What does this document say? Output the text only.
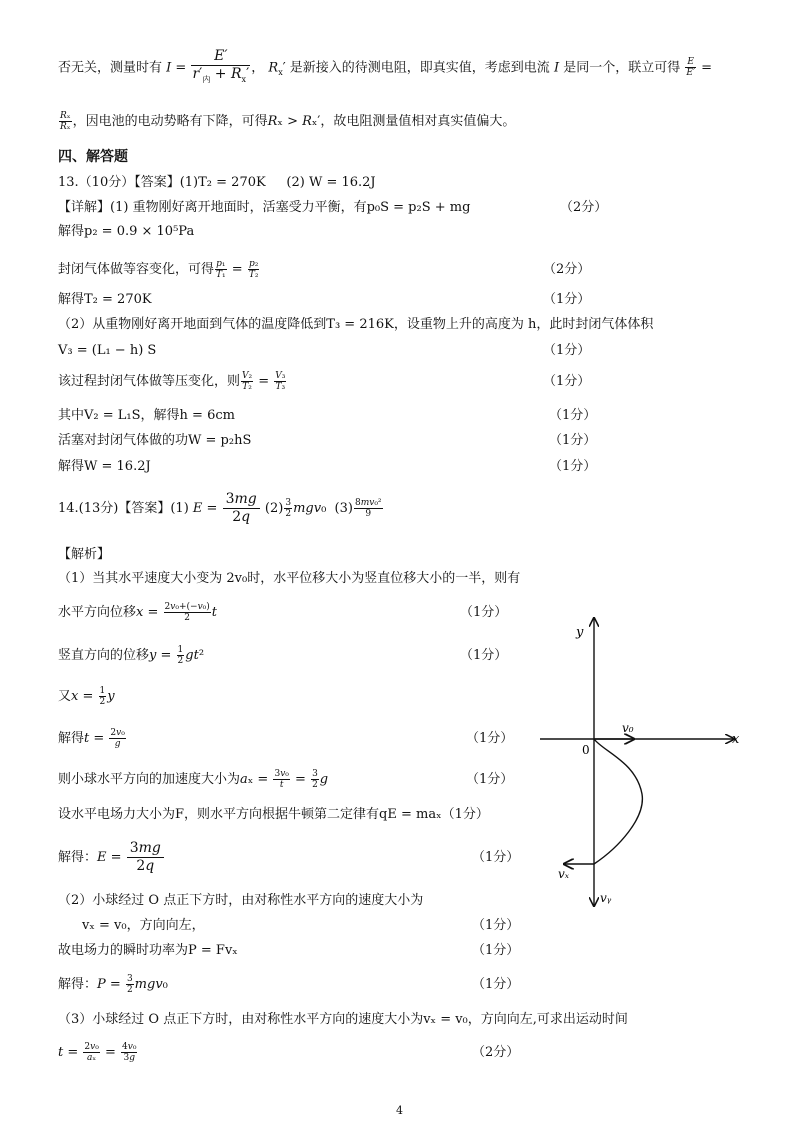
否无关，测量时有 $I = \frac{E'}{r'_内 + R_x'}$ ， $R_x'$ 是新接入的待测电阻，即真实值，考虑到电流 I 是同一个，联立可得 $\frac{E}{E'}$ =
$\frac{\text{Rₓ}}{\text{Rₓ}}$ ，因电池的电动势略有下降，可得Rₓ > Rₓ′，故电阻测量值相对真实值偏大。
四、解答题
13.（10分）【答案】(1)T₂ = 270K (2) W = 16.2J
【详解】(1) 重物刚好离开地面时，活塞受力平衡，有p₀S = p₂S + mg	（2分）
解得p₂ = 0.9 × 10⁵Pa
封闭气体做等容变化，可得 $\frac{\text{p₁}}{\text{T₁}} = \frac{\text{p₂}}{\text{T₂}}$	（2分）
解得T₂ = 270K	（1分）
（2）从重物刚好离开地面到气体的温度降低到T₃ = 216K，设重物上升的高度为 h，此时封闭气体体积
V₃ = (L₁ − h) S	（1分）
该过程封闭气体做等压变化，则 $\frac{\text{V₂}}{\text{T₂}} = \frac{\text{V₃}}{\text{T₃}}$	（1分）
其中V₂ = L₁S，解得h = 6cm	（1分）
活塞对封闭气体做的功W = p₂hS	（1分）
解得W = 16.2J	（1分）
14.(13分)【答案】(1) $E = \frac{3mg}{2q} (2) \frac{3}{2} mgv_0$  $(3) \frac{\text{8mv₀²}}{9}$
【解析】
（1）当其水平速度大小变为 2v₀时，水平位移大小为竖直位移大小的一半，则有
水平方向位移$x = \frac{\text{2v₀+(−v₀)}}{2}$ t	（1分）
竖直方向的位移$y = \frac{1}{2} gt^2$	（1分）
又$x = \frac{1}{2}$ y
解得$t = \frac{\text{2v₀}}{g}$	（1分）
则小球水平方向的加速度大小为$a_x = \frac{\text{3v₀}}{t} = \frac{3}{2}$ g	（1分）
设水平电场力大小为F，则水平方向根据牛顿第二定律有qE = maₓ（1分）
解得：$E = \frac{3mg}{2q}$	（1分）
（2）小球经过 O 点正下方时，由对称性水平方向的速度大小为
vₓ = v₀，方向向左，	（1分）
故电场力的瞬时功率为P = Fvₓ	（1分）
解得：$P = \frac{3}{2} mgv_0$	（1分）
（3）小球经过 O 点正下方时，由对称性水平方向的速度大小为vₓ = v₀，方向向左,可求出运动时间
$t = \frac{\text{2v₀}}{\text{aₓ}} = \frac{\text{4v₀}}{3g}$	（2分）
y
x
0
v₀
vₓ
vᵧ
4
